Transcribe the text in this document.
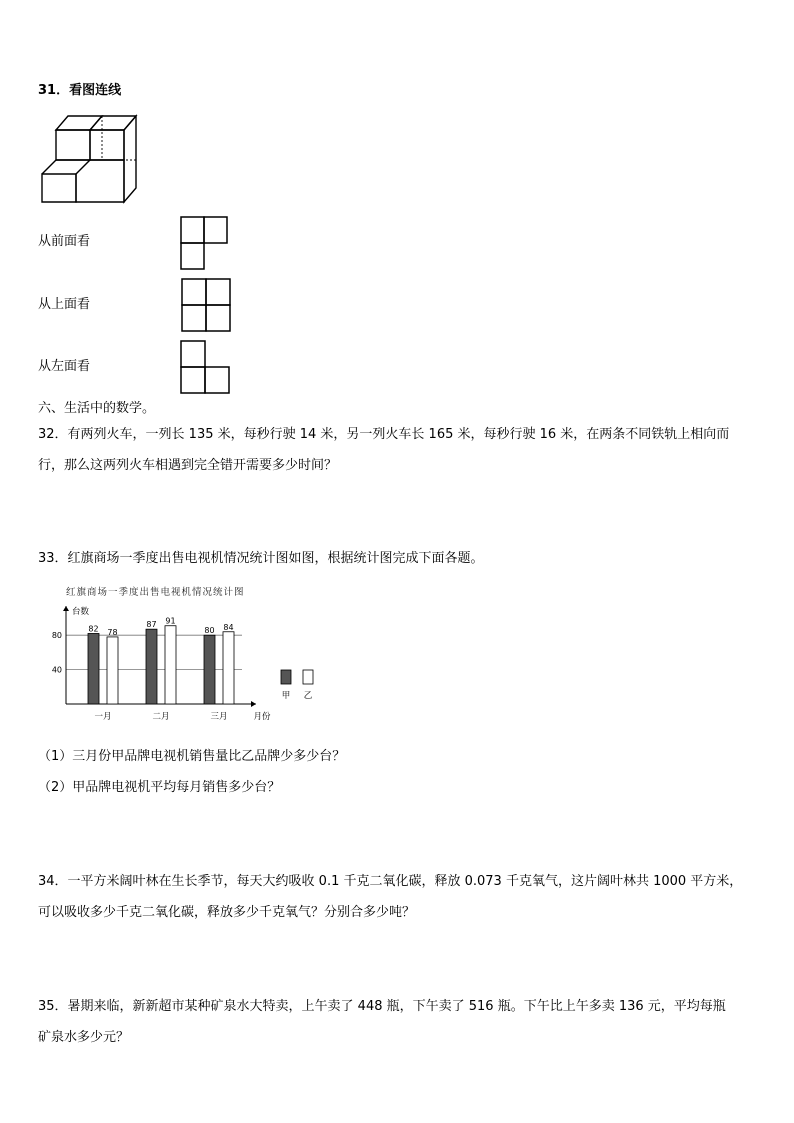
31．看图连线
从前面看
从上面看
从左面看
六、生活中的数学。
32．有两列火车，一列长 135 米，每秒行驶 14 米，另一列火车长 165 米，每秒行驶 16 米，在两条不同铁轨上相向而
行，那么这两列火车相遇到完全错开需要多少时间？
33．红旗商场一季度出售电视机情况统计图如图，根据统计图完成下面各题。
红旗商场一季度出售电视机情况统计图
40
80
台数
月份
82 78
一月
87 91
二月
80 84
三月
甲 乙
（1）三月份甲品牌电视机销售量比乙品牌少多少台？
（2）甲品牌电视机平均每月销售多少台？
34．一平方米阔叶林在生长季节，每天大约吸收 0.1 千克二氧化碳，释放 0.073 千克氧气，这片阔叶林共 1000 平方米，
可以吸收多少千克二氧化碳，释放多少千克氧气？分别合多少吨？
35．暑期来临，新新超市某种矿泉水大特卖，上午卖了 448 瓶，下午卖了 516 瓶。下午比上午多卖 136 元，平均每瓶
矿泉水多少元？
